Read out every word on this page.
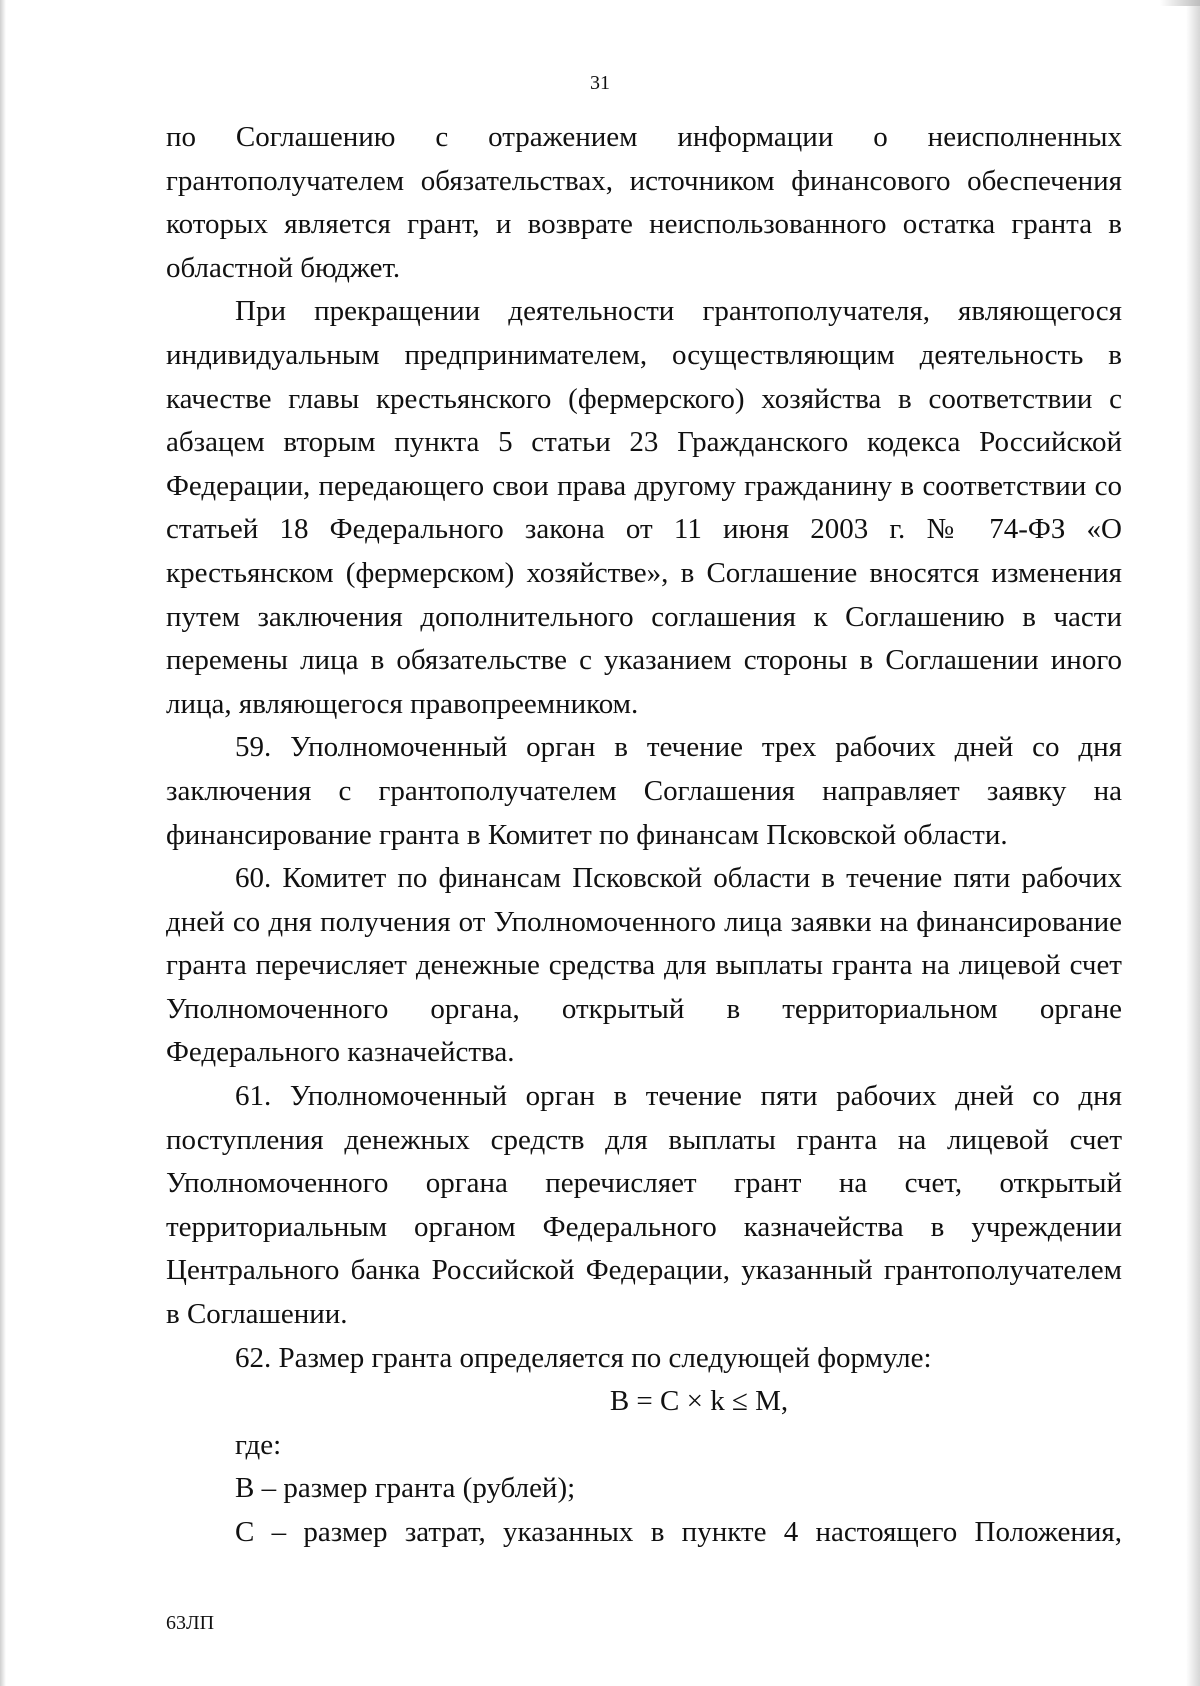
31

по Соглашению с отражением информации о неисполненных грантополучателем обязательствах, источником финансового обеспечения которых является грант, и возврате неиспользованного остатка гранта в областной бюджет.

При прекращении деятельности грантополучателя, являющегося индивидуальным предпринимателем, осуществляющим деятельность в качестве главы крестьянского (фермерского) хозяйства в соответствии с абзацем вторым пункта 5 статьи 23 Гражданского кодекса Российской Федерации, передающего свои права другому гражданину в соответствии со статьей 18 Федерального закона от 11 июня 2003 г. № 74-ФЗ «О крестьянском (фермерском) хозяйстве», в Соглашение вносятся изменения путем заключения дополнительного соглашения к Соглашению в части перемены лица в обязательстве с указанием стороны в Соглашении иного лица, являющегося правопреемником.

59. Уполномоченный орган в течение трех рабочих дней со дня заключения с грантополучателем Соглашения направляет заявку на финансирование гранта в Комитет по финансам Псковской области.

60. Комитет по финансам Псковской области в течение пяти рабочих дней со дня получения от Уполномоченного лица заявки на финансирование гранта перечисляет денежные средства для выплаты гранта на лицевой счет Уполномоченного органа, открытый в территориальном органе Федерального казначейства.

61. Уполномоченный орган в течение пяти рабочих дней со дня поступления денежных средств для выплаты гранта на лицевой счет Уполномоченного органа перечисляет грант на счет, открытый территориальным органом Федерального казначейства в учреждении Центрального банка Российской Федерации, указанный грантополучателем в Соглашении.

62. Размер гранта определяется по следующей формуле:

В = С × k ≤ М,

где:

В – размер гранта (рублей);

С – размер затрат, указанных в пункте 4 настоящего Положения,

63ЛП
